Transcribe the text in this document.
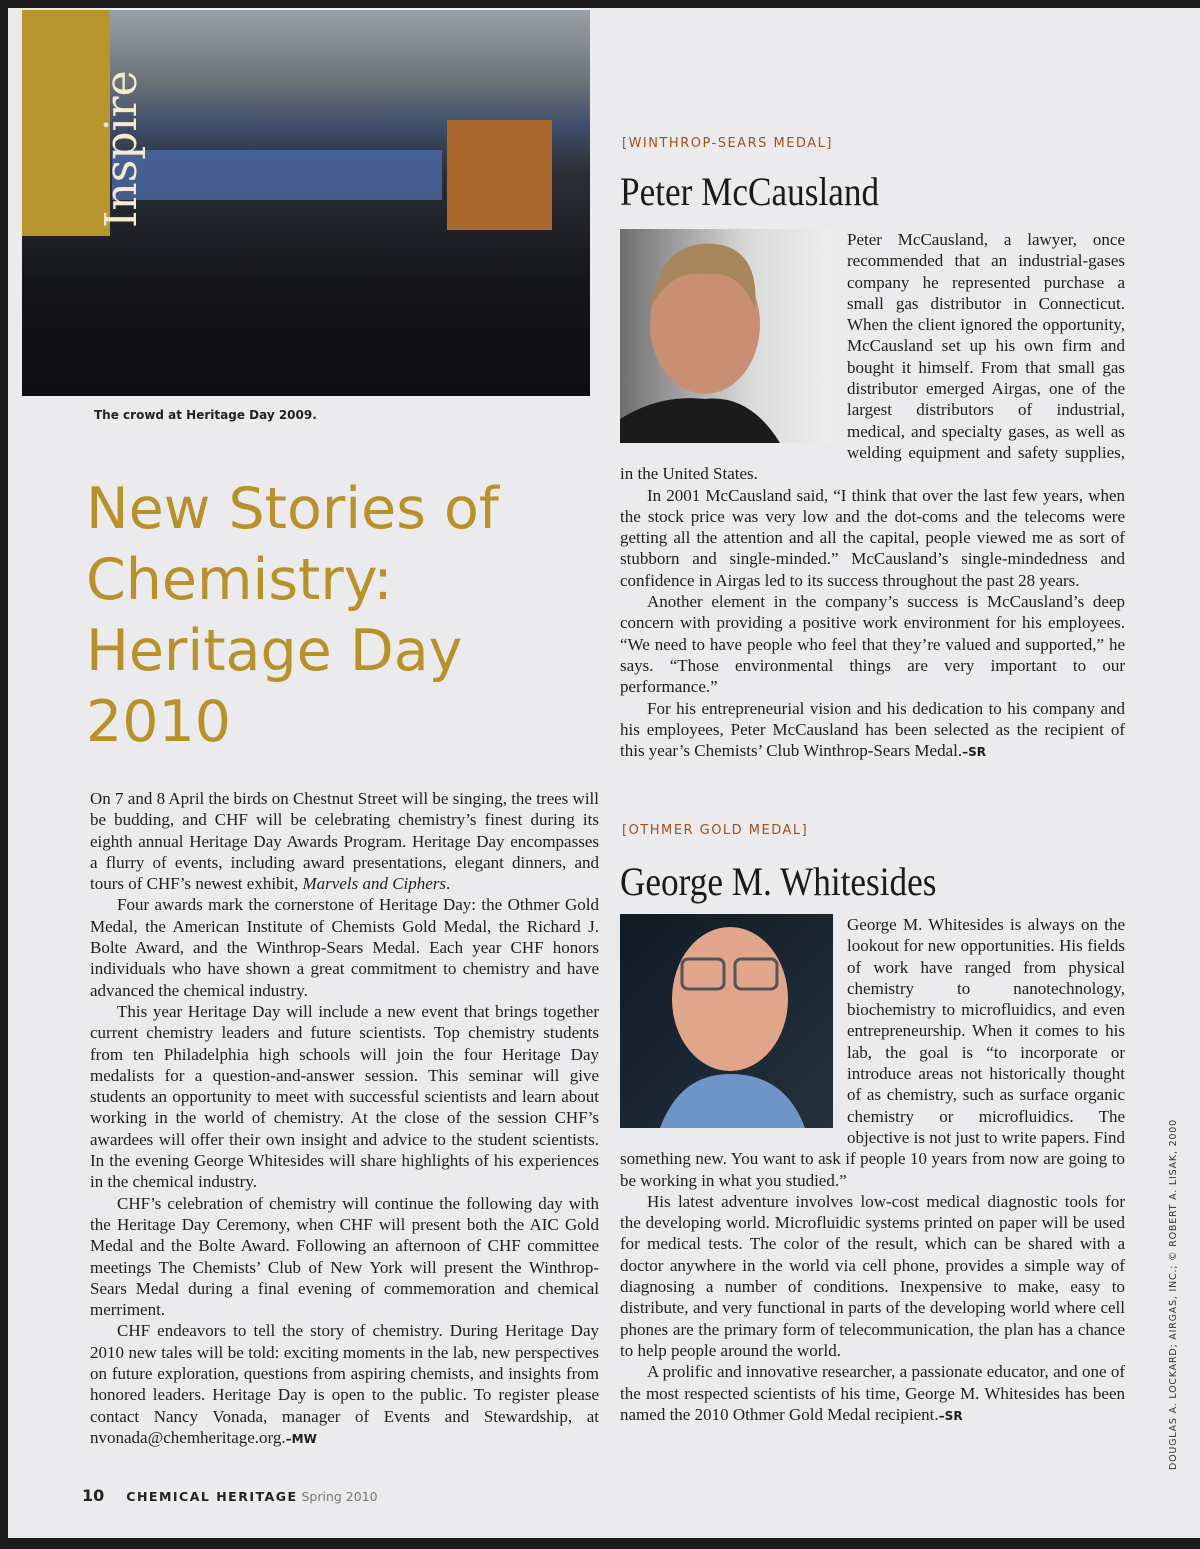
Inspire
The crowd at Heritage Day 2009.
New Stories of Chemistry: Heritage Day 2010

On 7 and 8 April the birds on Chestnut Street will be singing, the trees will be budding, and CHF will be celebrating chemistry’s finest during its eighth annual Heritage Day Awards Program. Heritage Day encompasses a flurry of events, including award presentations, elegant dinners, and tours of CHF’s newest exhibit, Marvels and Ciphers.

Four awards mark the cornerstone of Heritage Day: the Othmer Gold Medal, the American Institute of Chemists Gold Medal, the Richard J. Bolte Award, and the Winthrop-Sears Medal. Each year CHF honors individuals who have shown a great commitment to chemistry and have advanced the chemical industry.

This year Heritage Day will include a new event that brings together current chemistry leaders and future scientists. Top chemistry students from ten Philadelphia high schools will join the four Heritage Day medalists for a question-and-answer session. This seminar will give students an opportunity to meet with successful scientists and learn about working in the world of chemistry. At the close of the session CHF’s awardees will offer their own insight and advice to the student scientists. In the evening George Whitesides will share highlights of his experiences in the chemical industry.

CHF’s celebration of chemistry will continue the following day with the Heritage Day Ceremony, when CHF will present both the AIC Gold Medal and the Bolte Award. Following an afternoon of CHF committee meetings The Chemists’ Club of New York will present the Winthrop-Sears Medal during a final evening of commemoration and chemical merriment.

CHF endeavors to tell the story of chemistry. During Heritage Day 2010 new tales will be told: exciting moments in the lab, new perspectives on future exploration, questions from aspiring chemists, and insights from honored leaders. Heritage Day is open to the public. To register please contact Nancy Vonada, manager of Events and Stewardship, at nvonada@chemheritage.org.–MW

[WINTHROP-SEARS MEDAL]
Peter McCausland

Peter McCausland, a lawyer, once recommended that an industrial-gases company he represented purchase a small gas distributor in Connecticut. When the client ignored the opportunity, McCausland set up his own firm and bought it himself. From that small gas distributor emerged Airgas, one of the largest distributors of industrial, medical, and specialty gases, as well as welding equipment and safety supplies, in the United States.

In 2001 McCausland said, “I think that over the last few years, when the stock price was very low and the dot-coms and the telecoms were getting all the attention and all the capital, people viewed me as sort of stubborn and single-minded.” McCausland’s single-mindedness and confidence in Airgas led to its success throughout the past 28 years.

Another element in the company’s success is McCausland’s deep concern with providing a positive work environment for his employees. “We need to have people who feel that they’re valued and supported,” he says. “Those environmental things are very important to our performance.”

For his entrepreneurial vision and his dedication to his company and his employees, Peter McCausland has been selected as the recipient of this year’s Chemists’ Club Winthrop-Sears Medal.–SR

[OTHMER GOLD MEDAL]
George M. Whitesides

George M. Whitesides is always on the lookout for new opportunities. His fields of work have ranged from physical chemistry to nanotechnology, biochemistry to microfluidics, and even entrepreneurship. When it comes to his lab, the goal is “to incorporate or introduce areas not historically thought of as chemistry, such as surface organic chemistry or microfluidics. The objective is not just to write papers. Find something new. You want to ask if people 10 years from now are going to be working in what you studied.”

His latest adventure involves low-cost medical diagnostic tools for the developing world. Microfluidic systems printed on paper will be used for medical tests. The color of the result, which can be shared with a doctor anywhere in the world via cell phone, provides a simple way of diagnosing a number of conditions. Inexpensive to make, easy to distribute, and very functional in parts of the developing world where cell phones are the primary form of telecommunication, the plan has a chance to help people around the world.

A prolific and innovative researcher, a passionate educator, and one of the most respected scientists of his time, George M. Whitesides has been named the 2010 Othmer Gold Medal recipient.–SR

10 CHEMICAL HERITAGE Spring 2010
DOUGLAS A. LOCKARD; AIRGAS, INC.; © ROBERT A. LISAK, 2000
